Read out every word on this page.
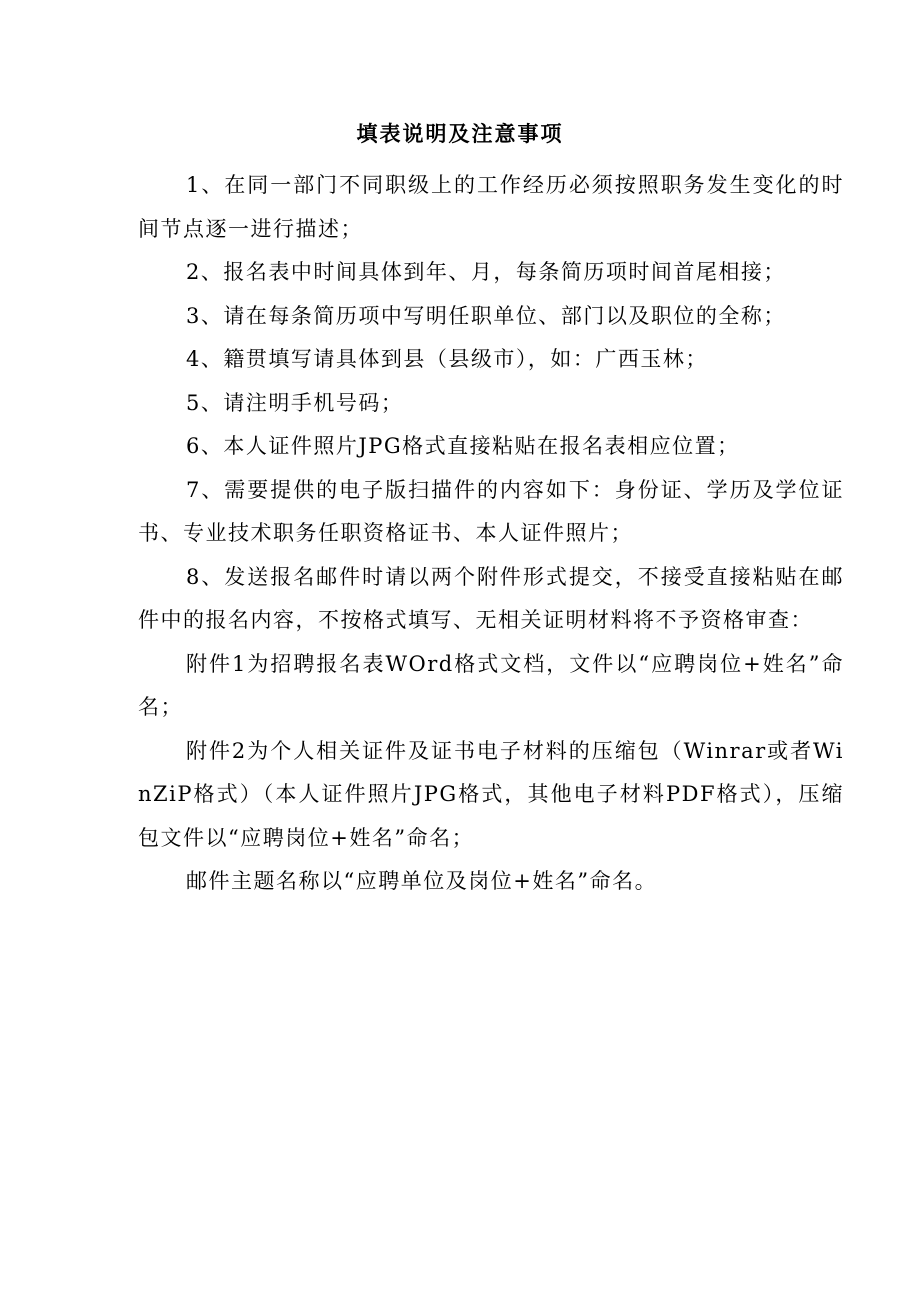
填表说明及注意事项

1、在同一部门不同职级上的工作经历必须按照职务发生变化的时间节点逐一进行描述；

2、报名表中时间具体到年、月，每条简历项时间首尾相接；

3、请在每条简历项中写明任职单位、部门以及职位的全称；

4、籍贯填写请具体到县（县级市），如：广西玉林；

5、请注明手机号码；

6、本人证件照片JPG格式直接粘贴在报名表相应位置；

7、需要提供的电子版扫描件的内容如下：身份证、学历及学位证书、专业技术职务任职资格证书、本人证件照片；

8、发送报名邮件时请以两个附件形式提交，不接受直接粘贴在邮件中的报名内容，不按格式填写、无相关证明材料将不予资格审查：

附件1为招聘报名表WOrd格式文档，文件以“应聘岗位+姓名”命名；

附件2为个人相关证件及证书电子材料的压缩包（Winrar或者WinZiP格式）（本人证件照片JPG格式，其他电子材料PDF格式），压缩包文件以“应聘岗位+姓名”命名；

邮件主题名称以“应聘单位及岗位+姓名”命名。
